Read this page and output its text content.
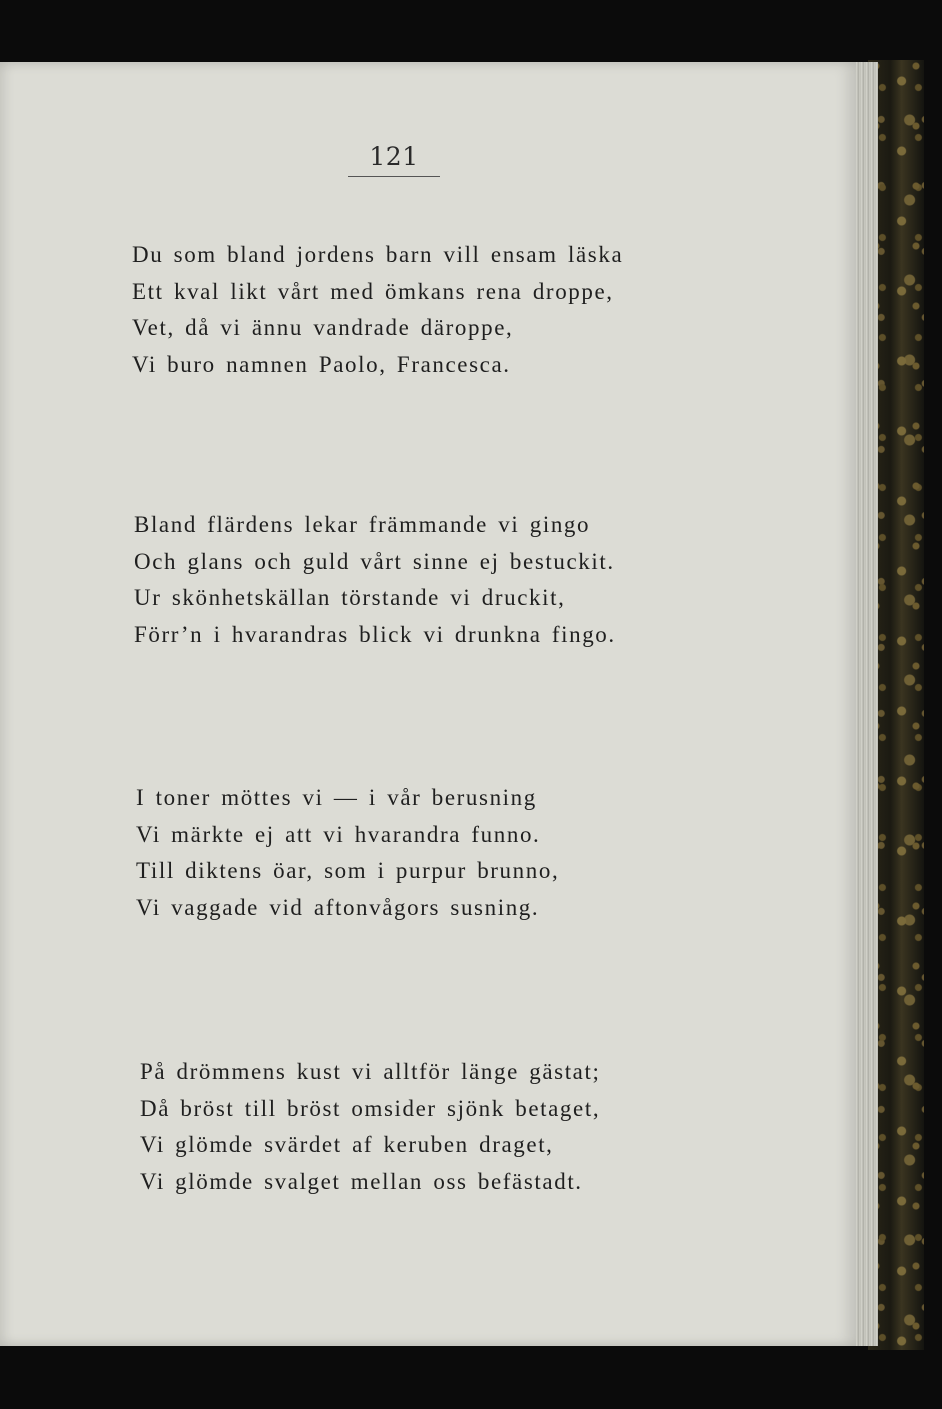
121
Du som bland jordens barn vill ensam läska
Ett kval likt vårt med ömkans rena droppe,
Vet, då vi ännu vandrade däroppe,
Vi buro namnen Paolo, Francesca.
Bland flärdens lekar främmande vi gingo
Och glans och guld vårt sinne ej bestuckit.
Ur skönhetskällan törstande vi druckit,
Förr’n i hvarandras blick vi drunkna fingo.
I toner möttes vi — i vår berusning
Vi märkte ej att vi hvarandra funno.
Till diktens öar, som i purpur brunno,
Vi vaggade vid aftonvågors susning.
På drömmens kust vi alltför länge gästat;
Då bröst till bröst omsider sjönk betaget,
Vi glömde svärdet af keruben draget,
Vi glömde svalget mellan oss befästadt.
